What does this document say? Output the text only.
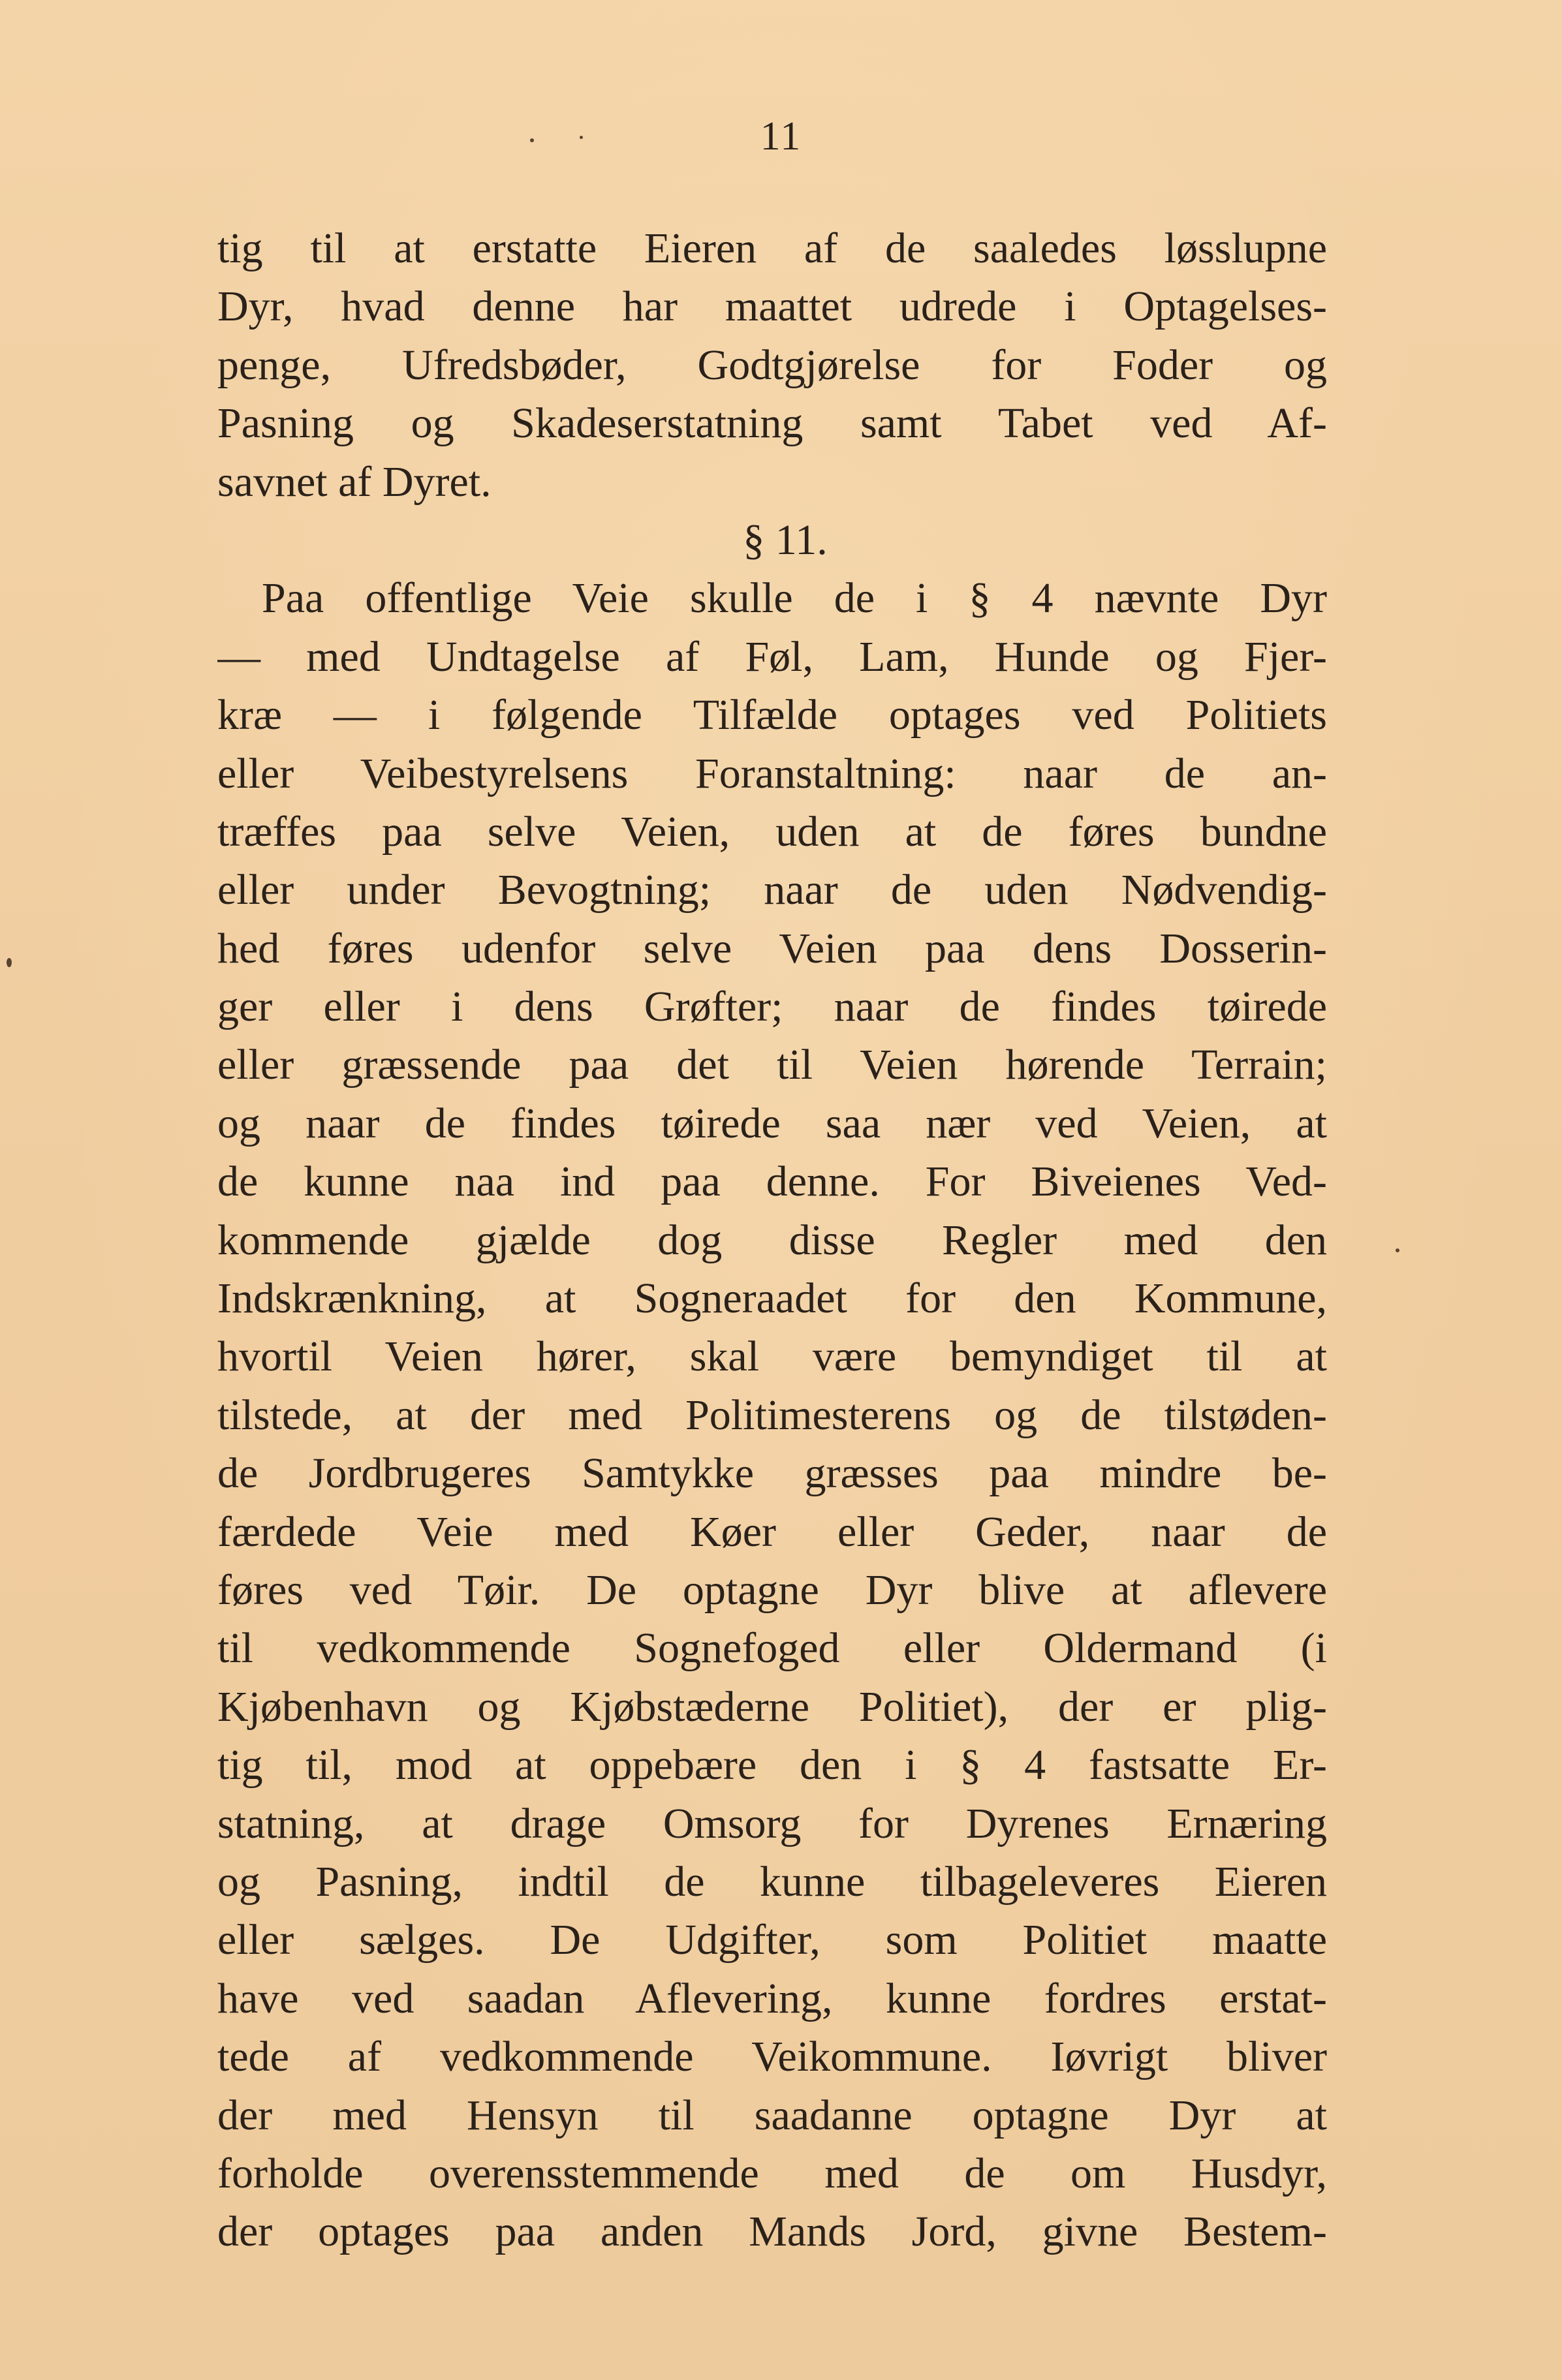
11
tig til at erstatte Eieren af de saaledes løsslupne
Dyr, hvad denne har maattet udrede i Optagelses-
penge, Ufredsbøder, Godtgjørelse for Foder og
Pasning og Skadeserstatning samt Tabet ved Af-
savnet af Dyret.
§ 11.
Paa offentlige Veie skulle de i § 4 nævnte Dyr
— med Undtagelse af Føl, Lam, Hunde og Fjer-
kræ — i følgende Tilfælde optages ved Politiets
eller Veibestyrelsens Foranstaltning: naar de an-
træffes paa selve Veien, uden at de føres bundne
eller under Bevogtning; naar de uden Nødvendig-
hed føres udenfor selve Veien paa dens Dosserin-
ger eller i dens Grøfter; naar de findes tøirede
eller græssende paa det til Veien hørende Terrain;
og naar de findes tøirede saa nær ved Veien, at
de kunne naa ind paa denne. For Biveienes Ved-
kommende gjælde dog disse Regler med den
Indskrænkning, at Sogneraadet for den Kommune,
hvortil Veien hører, skal være bemyndiget til at
tilstede, at der med Politimesterens og de tilstøden-
de Jordbrugeres Samtykke græsses paa mindre be-
færdede Veie med Køer eller Geder, naar de
føres ved Tøir. De optagne Dyr blive at aflevere
til vedkommende Sognefoged eller Oldermand (i
Kjøbenhavn og Kjøbstæderne Politiet), der er plig-
tig til, mod at oppebære den i § 4 fastsatte Er-
statning, at drage Omsorg for Dyrenes Ernæring
og Pasning, indtil de kunne tilbageleveres Eieren
eller sælges. De Udgifter, som Politiet maatte
have ved saadan Aflevering, kunne fordres erstat-
tede af vedkommende Veikommune. Iøvrigt bliver
der med Hensyn til saadanne optagne Dyr at
forholde overensstemmende med de om Husdyr,
der optages paa anden Mands Jord, givne Bestem-
